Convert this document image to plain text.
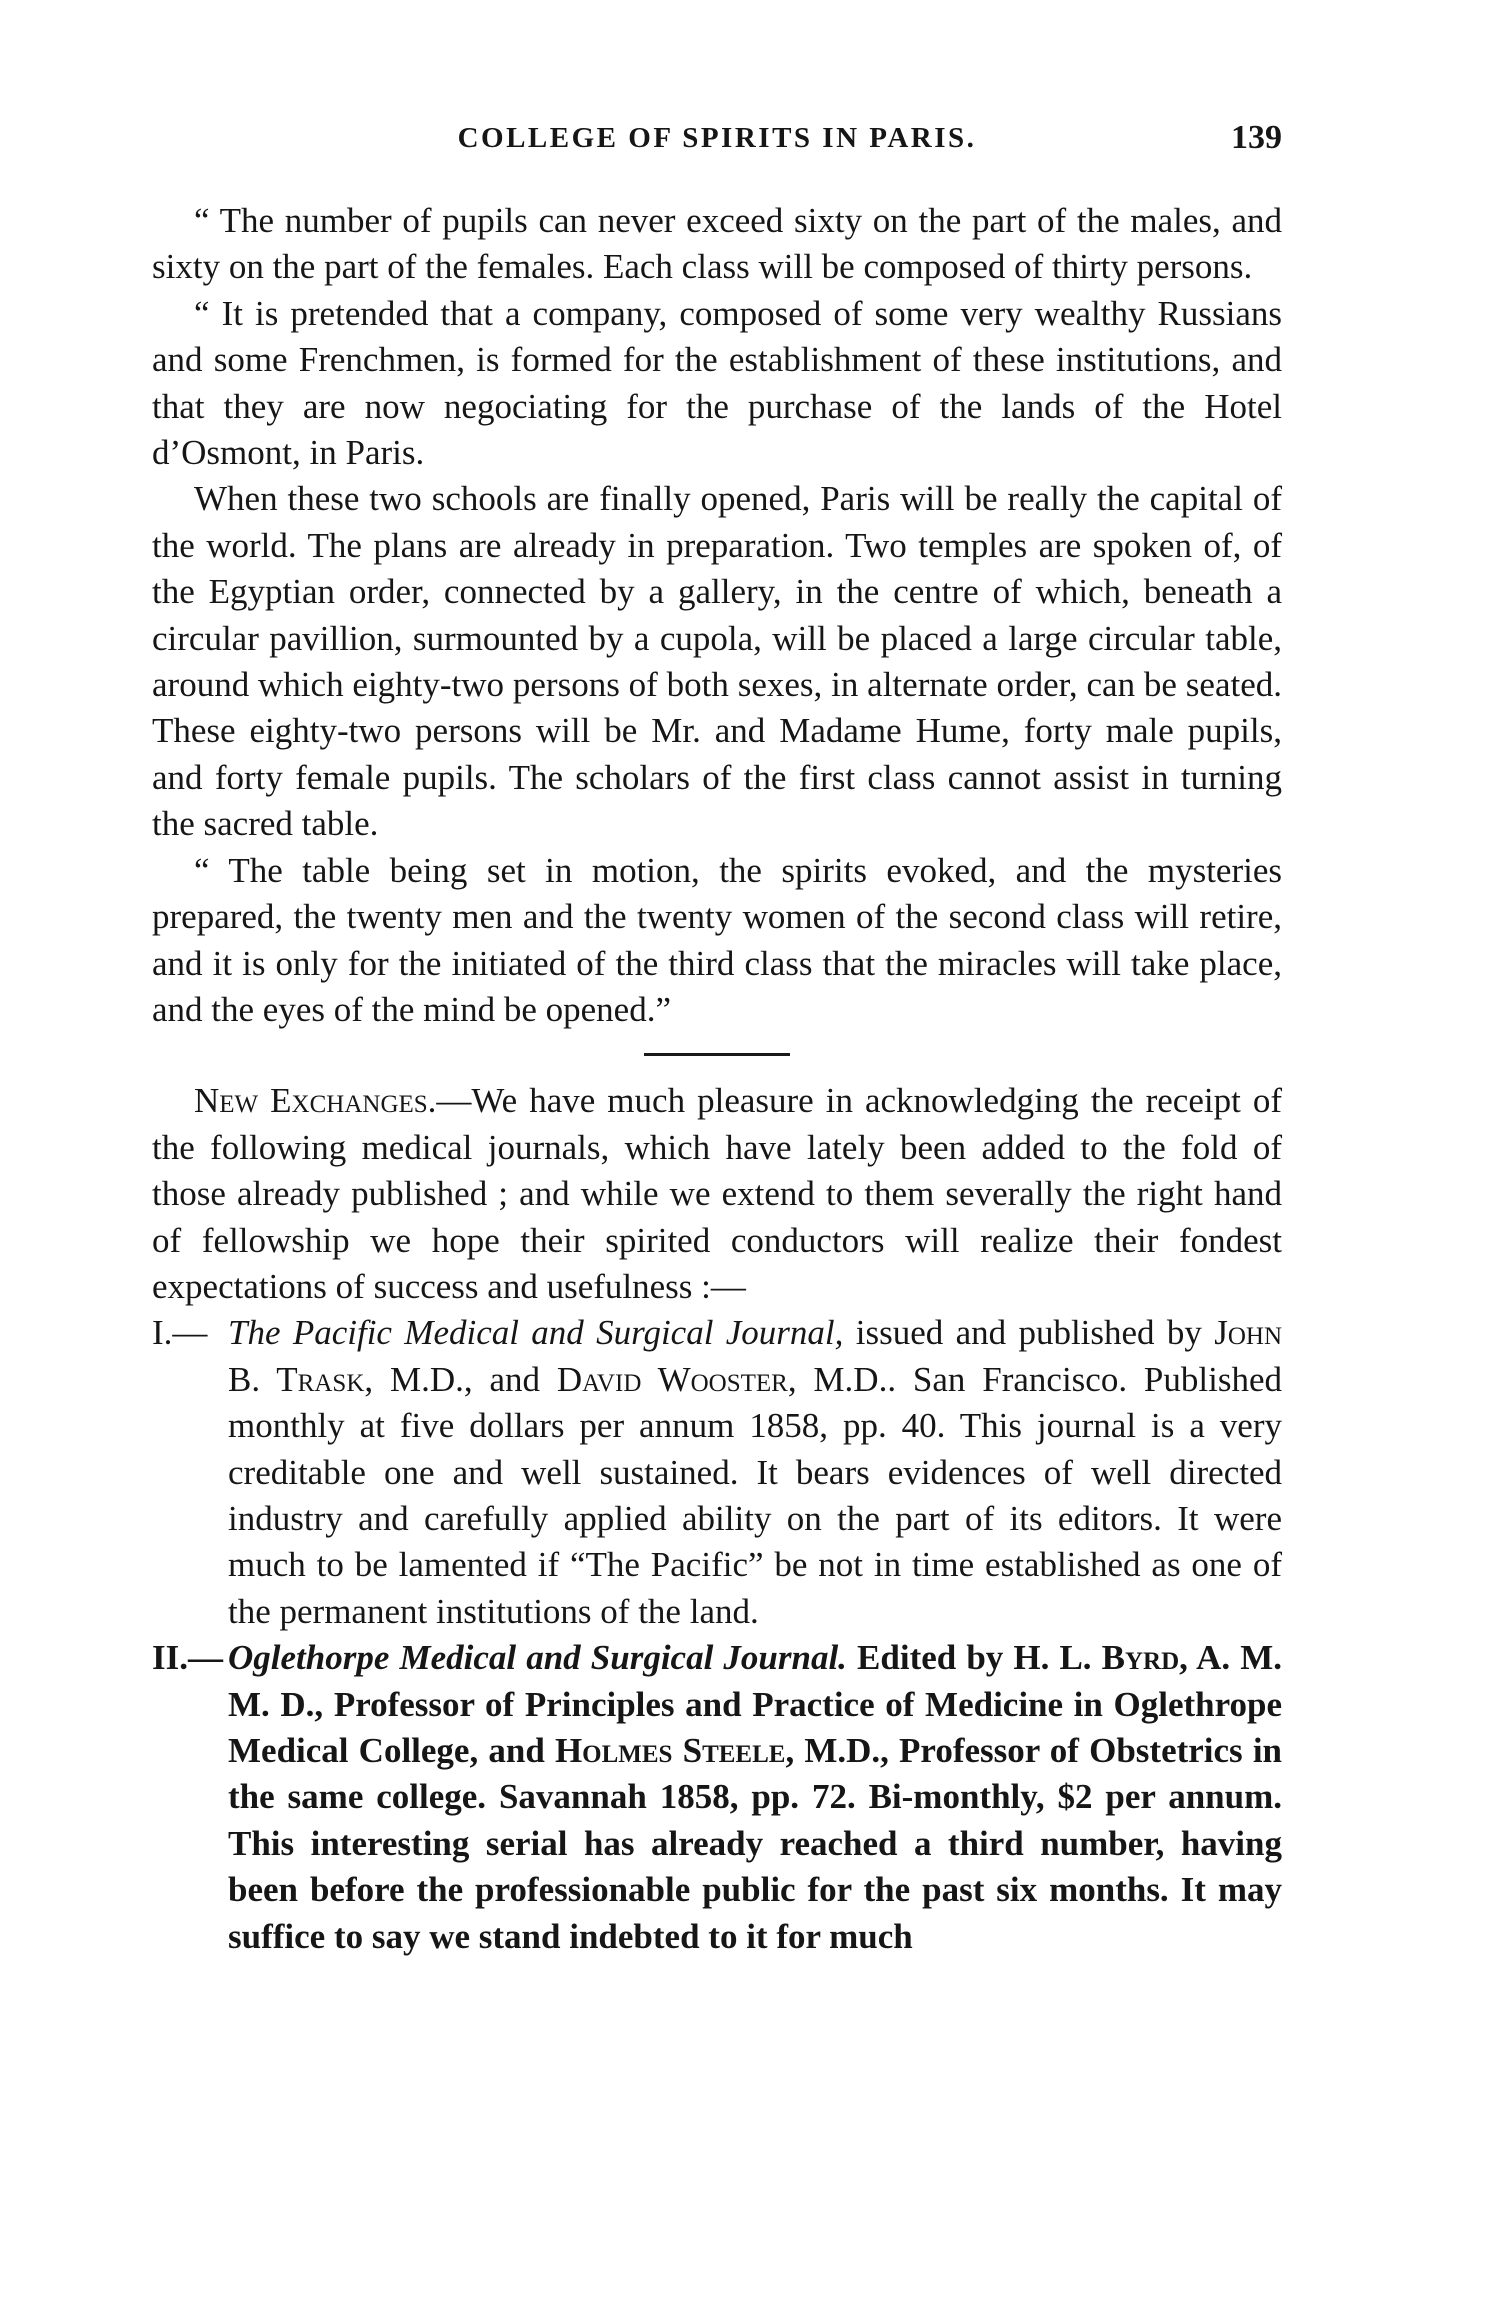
COLLEGE OF SPIRITS IN PARIS.	139

“ The number of pupils can never exceed sixty on the part of the males, and sixty on the part of the females. Each class will be composed of thirty persons.

“ It is pretended that a company, composed of some very wealthy Russians and some Frenchmen, is formed for the establishment of these institutions, and that they are now negociating for the purchase of the lands of the Hotel d’Osmont, in Paris.

When these two schools are finally opened, Paris will be really the capital of the world. The plans are already in preparation. Two temples are spoken of, of the Egyptian order, connected by a gallery, in the centre of which, beneath a circular pavillion, surmounted by a cupola, will be placed a large circular table, around which eighty-two persons of both sexes, in alternate order, can be seated. These eighty-two persons will be Mr. and Madame Hume, forty male pupils, and forty female pupils. The scholars of the first class cannot assist in turning the sacred table.

“ The table being set in motion, the spirits evoked, and the mysteries prepared, the twenty men and the twenty women of the second class will retire, and it is only for the initiated of the third class that the miracles will take place, and the eyes of the mind be opened.”

New Exchanges.—We have much pleasure in acknowledging the receipt of the following medical journals, which have lately been added to the fold of those already published ; and while we extend to them severally the right hand of fellowship we hope their spirited conductors will realize their fondest expectations of success and usefulness :—

I.— The Pacific Medical and Surgical Journal, issued and published by John B. Trask, M.D., and David Wooster, M.D.. San Francisco. Published monthly at five dollars per annum 1858, pp. 40. This journal is a very creditable one and well sustained. It bears evidences of well directed industry and carefully applied ability on the part of its editors. It were much to be lamented if “The Pacific” be not in time established as one of the permanent institutions of the land.

II.— Oglethorpe Medical and Surgical Journal. Edited by H. L. Byrd, A. M. M. D., Professor of Principles and Practice of Medicine in Oglethrope Medical College, and Holmes Steele, M.D., Professor of Obstetrics in the same college. Savannah 1858, pp. 72. Bi-monthly, $2 per annum. This interesting serial has already reached a third number, having been before the professionable public for the past six months. It may suffice to say we stand indebted to it for much
